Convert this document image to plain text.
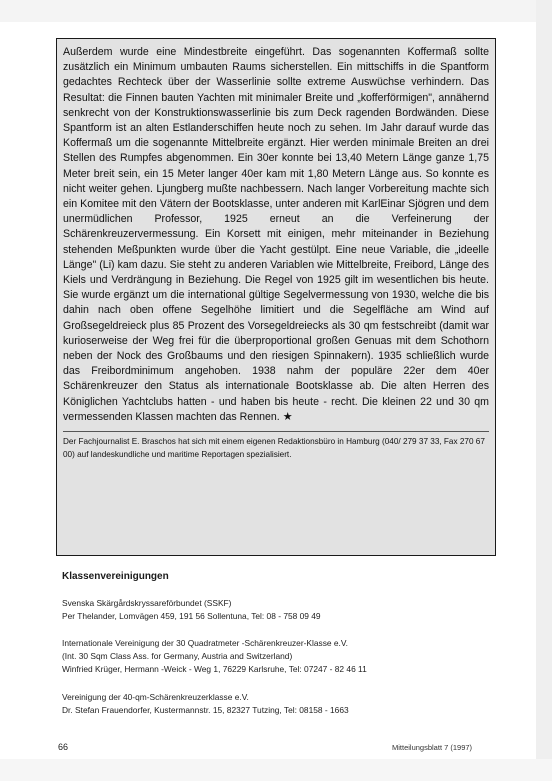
Außerdem wurde eine Mindestbreite eingeführt. Das sogenannten Koffermaß sollte zusätzlich ein Minimum umbauten Raums sicherstellen. Ein mittschiffs in die Spantform gedachtes Rechteck über der Wasserlinie sollte extreme Auswüchse verhindern. Das Resultat: die Finnen bauten Yachten mit minimaler Breite und „kofferförmigen", annähernd senkrecht von der Konstruktionswasserlinie bis zum Deck ragenden Bordwänden. Diese Spantform ist an alten Estlanderschiffen heute noch zu sehen. Im Jahr darauf wurde das Koffermaß um die sogenannte Mittelbreite ergänzt. Hier werden minimale Breiten an drei Stellen des Rumpfes abgenommen. Ein 30er konnte bei 13,40 Metern Länge ganze 1,75 Meter breit sein, ein 15 Meter langer 40er kam mit 1,80 Metern Länge aus. So konnte es nicht weiter gehen. Ljungberg mußte nachbessern. Nach langer Vorbereitung machte sich ein Komitee mit den Vätern der Bootsklasse, unter anderen mit KarlEinar Sjögren und dem unermüdlichen Professor, 1925 erneut an die Verfeinerung der Schärenkreuzervermessung. Ein Korsett mit einigen, mehr miteinander in Beziehung stehenden Meßpunkten wurde über die Yacht gestülpt. Eine neue Variable, die „ideelle Länge" (Li) kam dazu. Sie steht zu anderen Variablen wie Mittelbreite, Freibord, Länge des Kiels und Verdrängung in Beziehung. Die Regel von 1925 gilt im wesentlichen bis heute. Sie wurde ergänzt um die international gültige Segelvermessung von 1930, welche die bis dahin nach oben offene Segelhöhe limitiert und die Segelfläche am Wind auf Großsegeldreieck plus 85 Prozent des Vorsegeldreiecks als 30 qm festschreibt (damit war kurioserweise der Weg frei für die überproportional großen Genuas mit dem Schothorn neben der Nock des Großbaums und den riesigen Spinnakern). 1935 schließlich wurde das Freibordminimum angehoben. 1938 nahm der populäre 22er dem 40er Schärenkreuzer den Status als internationale Bootsklasse ab. Die alten Herren des Königlichen Yachtclubs hatten - und haben bis heute - recht. Die kleinen 22 und 30 qm vermessenden Klassen machten das Rennen. ★

Der Fachjournalist E. Braschos hat sich mit einem eigenen Redaktionsbüro in Hamburg (040/ 279 37 33, Fax 270 67 00) auf landeskundliche und maritime Reportagen spezialisiert.

Klassenvereinigungen

Svenska Skärgårdskryssareförbundet (SSKF)

Per Thelander, Lomvägen 459, 191 56 Sollentuna, Tel: 08 - 758 09 49

Internationale Vereinigung der 30 Quadratmeter -Schärenkreuzer-Klasse e.V.

(Int. 30 Sqm Class Ass. for Germany, Austria and Switzerland)

Winfried Krüger, Hermann -Weick - Weg 1, 76229 Karlsruhe, Tel: 07247 - 82 46 11

Vereinigung der 40-qm-Schärenkreuzerklasse e.V.

Dr. Stefan Frauendorfer, Kustermannstr. 15, 82327 Tutzing, Tel: 08158 - 1663

66	Mitteilungsblatt 7 (1997)
